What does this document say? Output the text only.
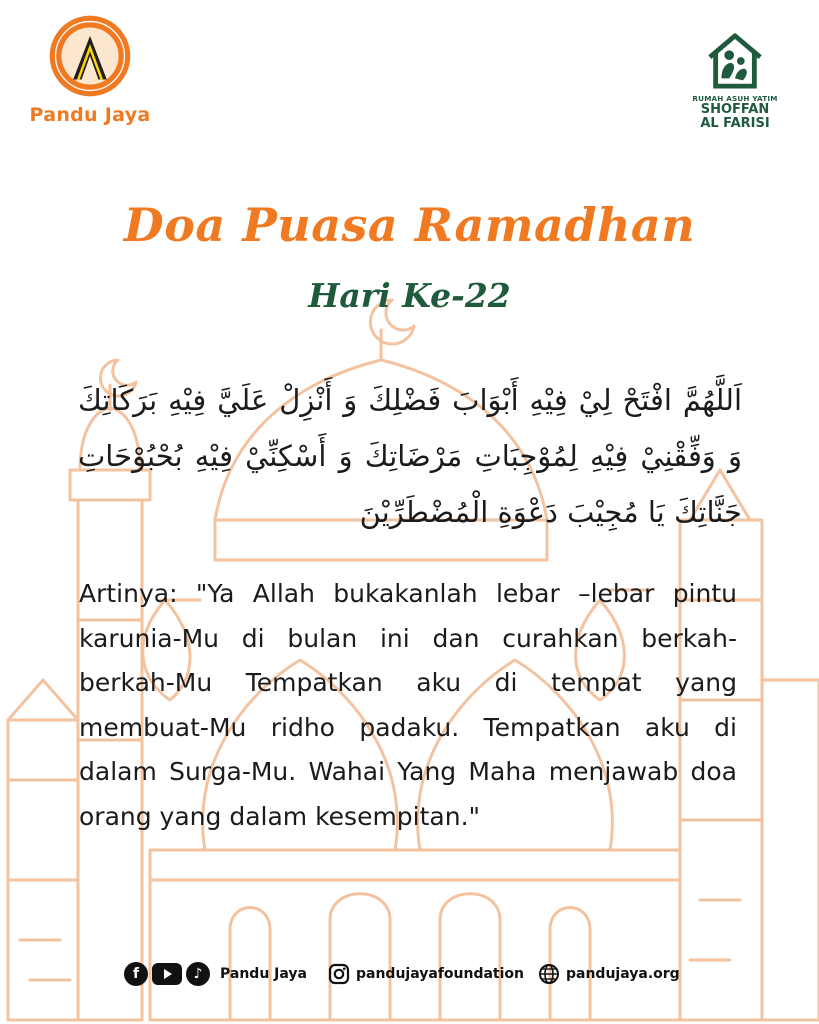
Pandu Jaya
RUMAH ASUH YATIM
SHOFFAN
AL FARISI
Doa Puasa Ramadhan
Hari Ke-22
اَللَّهُمَّ افْتَحْ لِيْ فِيْهِ أَبْوَابَ فَضْلِكَ وَ أَنْزِلْ عَلَيَّ فِيْهِ بَرَكَاتِكَ وَ وَفِّقْنِيْ فِيْهِ لِمُوْجِبَاتِ مَرْضَاتِكَ وَ أَسْكِنِّيْ فِيْهِ بُحْبُوْحَاتِ جَنَّاتِكَ يَا مُجِيْبَ دَعْوَةِ الْمُضْطَرِّيْنَ
Artinya: "Ya Allah bukakanlah lebar –lebar pintu karunia-Mu di bulan ini dan curahkan berkah-berkah-Mu Tempatkan aku di tempat yang membuat-Mu ridho padaku. Tempatkan aku di dalam Surga-Mu. Wahai Yang Maha menjawab doa orang yang dalam kesempitan."
f	♪	Pandu Jaya	pandujayafoundation	pandujaya.org
